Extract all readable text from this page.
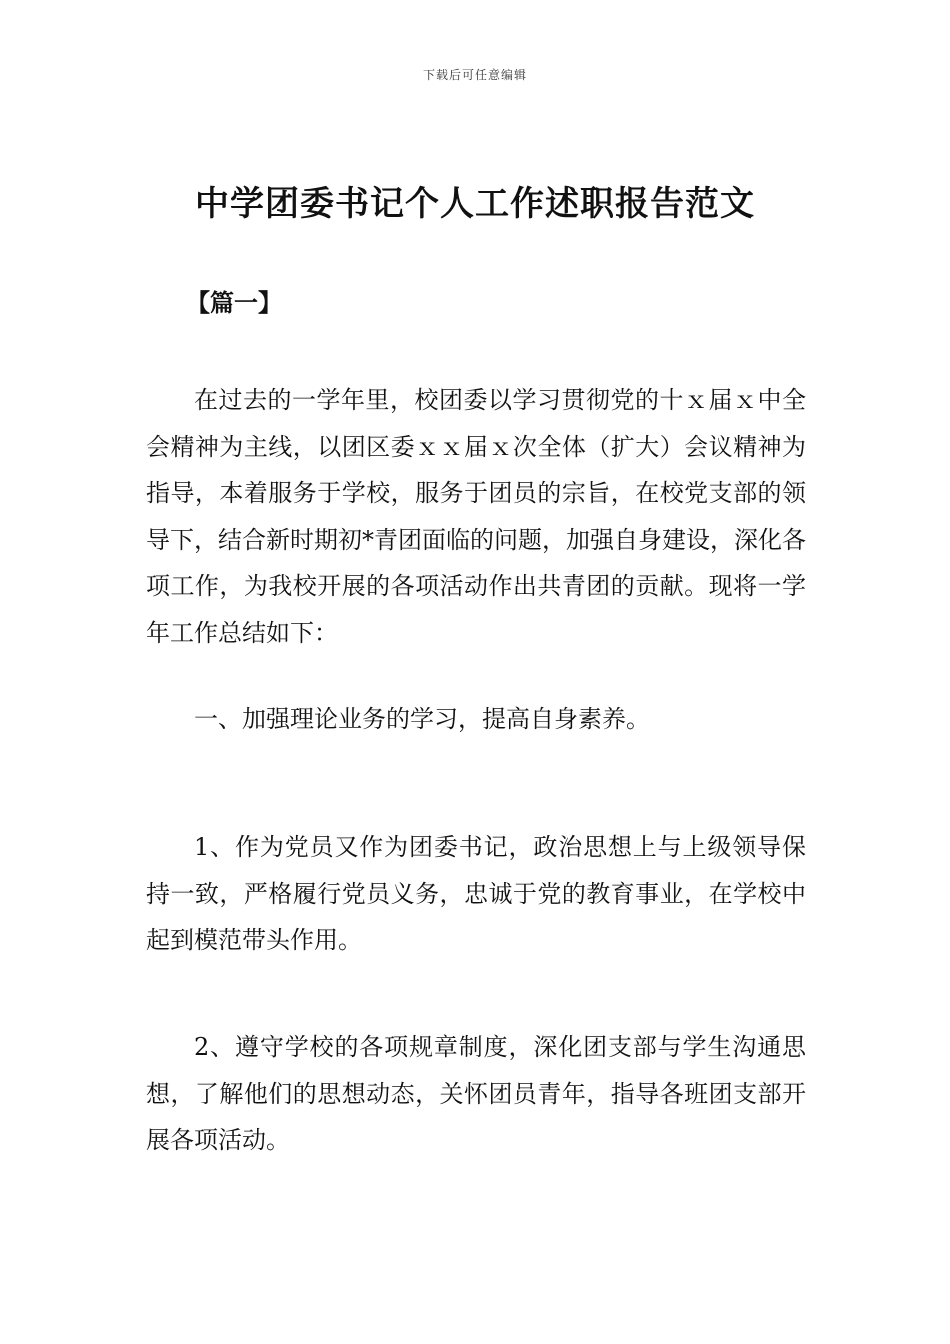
下载后可任意编辑
中学团委书记个人工作述职报告范文
【篇一】

在过去的一学年里，校团委以学习贯彻党的十ｘ届ｘ中全会精神为主线，以团区委ｘｘ届ｘ次全体（扩大）会议精神为指导，本着服务于学校，服务于团员的宗旨，在校党支部的领导下，结合新时期初*青团面临的问题，加强自身建设，深化各项工作，为我校开展的各项活动作出共青团的贡献。现将一学年工作总结如下：

一、加强理论业务的学习，提高自身素养。

1、作为党员又作为团委书记，政治思想上与上级领导保持一致，严格履行党员义务，忠诚于党的教育事业，在学校中起到模范带头作用。

2、遵守学校的各项规章制度，深化团支部与学生沟通思想，了解他们的思想动态，关怀团员青年，指导各班团支部开展各项活动。
